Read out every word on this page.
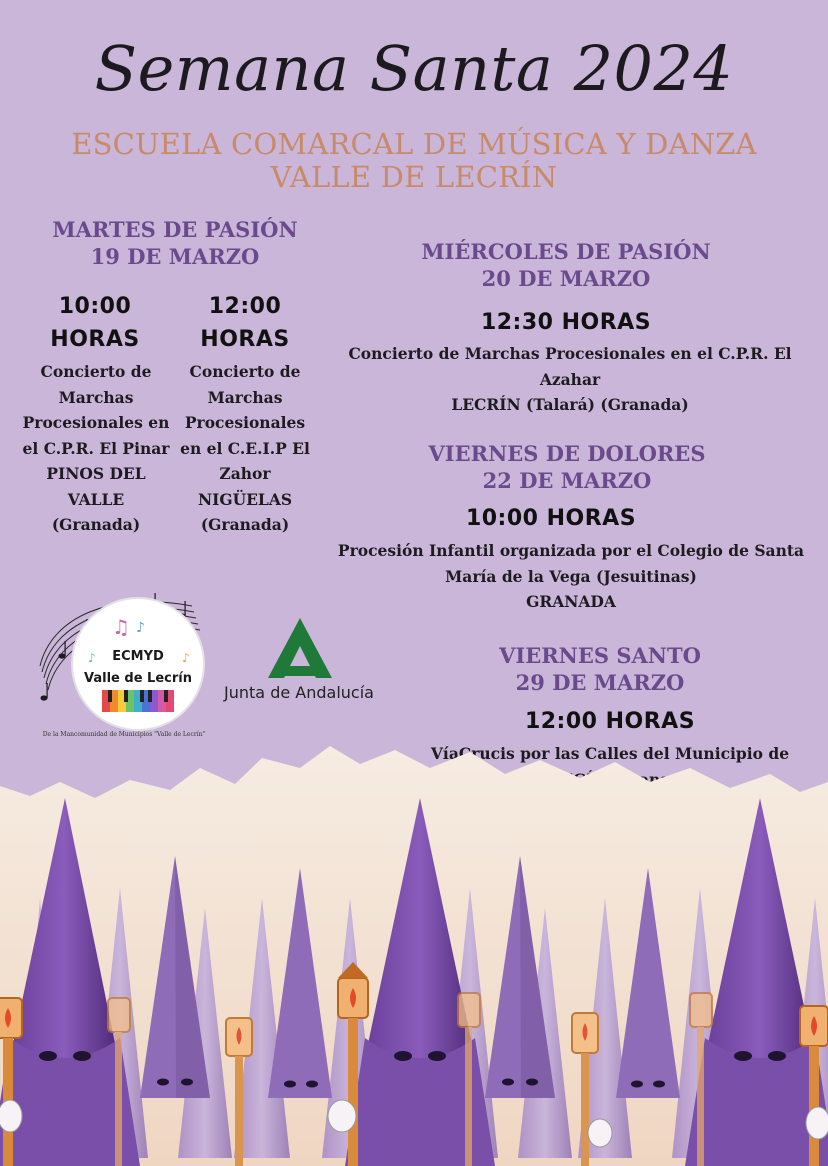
Semana Santa 2024
ESCUELA COMARCAL DE MÚSICA Y DANZA
VALLE DE LECRÍN
MARTES DE PASIÓN
19 DE MARZO
10:00
HORAS
Concierto de
Marchas
Procesionales en
el C.P.R. El Pinar
PINOS DEL
VALLE
(Granada)
12:00
HORAS
Concierto de
Marchas
Procesionales
en el C.E.I.P El
Zahor
NIGÜELAS
(Granada)
MIÉRCOLES DE PASIÓN
20 DE MARZO
12:30 HORAS
Concierto de Marchas Procesionales en el C.P.R. El
Azahar
LECRÍN (Talará) (Granada)
VIERNES DE DOLORES
22 DE MARZO
10:00 HORAS
Procesión Infantil organizada por el Colegio de Santa
María de la Vega (Jesuitinas)
GRANADA
VIERNES SANTO
29 DE MARZO
12:00 HORAS
VíaCrucis por las Calles del Municipio de
♫ ♪
♪	♪
ECMYD
Valle de Lecrín
De la Mancomunidad de Municipios "Valle de Lecrín"
Junta de Andalucía
